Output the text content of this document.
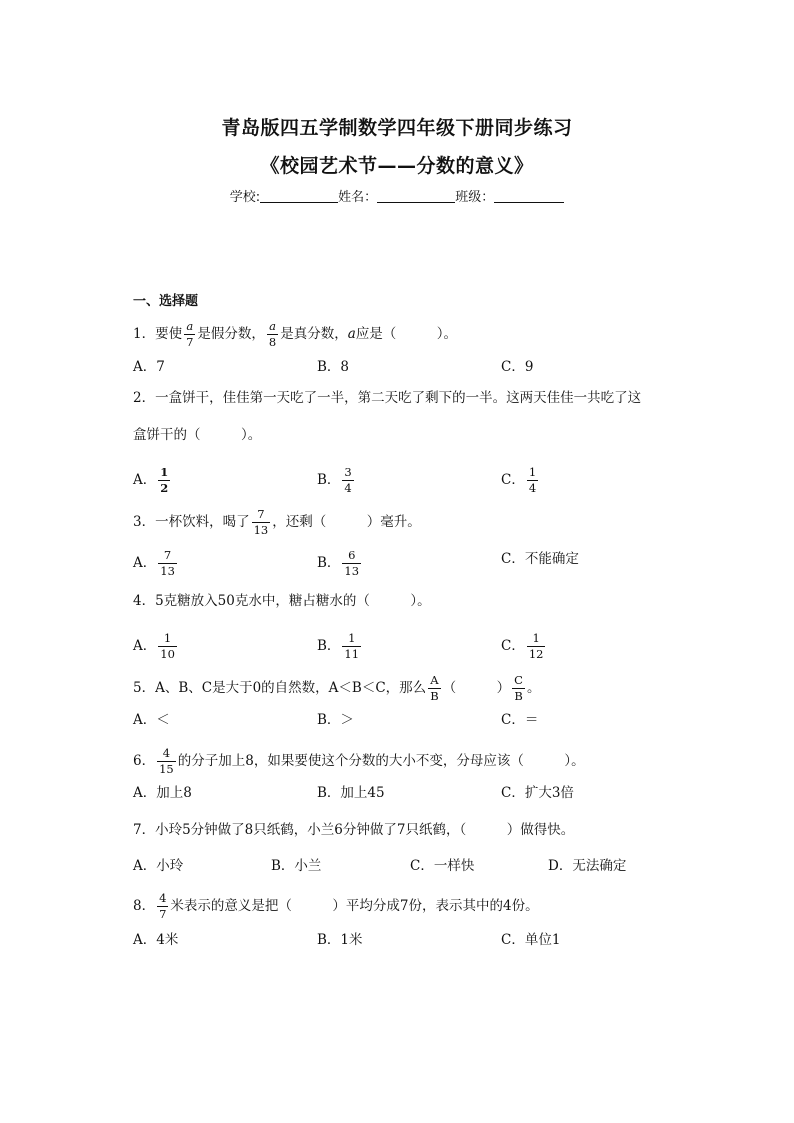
青岛版四五学制数学四年级下册同步练习
《校园艺术节——分数的意义》
学校:	姓名：	班级：
一、选择题
1．要使 $\frac{a}{7}$ 是假分数， $\frac{a}{8}$ 是真分数，a应是（　　　）。
A．7	B．8	C．9
2．一盒饼干，佳佳第一天吃了一半，第二天吃了剩下的一半。这两天佳佳一共吃了这
盒饼干的（　　　）。
A． $\frac{1}{2}$	B． $\frac{3}{4}$	C． $\frac{1}{4}$
3．一杯饮料，喝了 $\frac{7}{13}$ ，还剩（　　　）毫升。
A． $\frac{7}{13}$	B． $\frac{6}{13}$	C．不能确定
4．5克糖放入50克水中，糖占糖水的（　　　）。
A． $\frac{1}{10}$	B． $\frac{1}{11}$	C． $\frac{1}{12}$
5．A、B、C是大于0的自然数，A＜B＜C，那么 $\frac{A}{B}$ （　　　） $\frac{C}{B}$ 。
A．＜	B．＞	C．＝
6． $\frac{4}{15}$ 的分子加上8，如果要使这个分数的大小不变，分母应该（　　　）。
A．加上8	B．加上45	C．扩大3倍
7．小玲5分钟做了8只纸鹤，小兰6分钟做了7只纸鹤，（　　　）做得快。
A．小玲	B．小兰	C．一样快	D．无法确定
8． $\frac{4}{7}$ 米表示的意义是把（　　　）平均分成7份，表示其中的4份。
A．4米	B．1米	C．单位1
